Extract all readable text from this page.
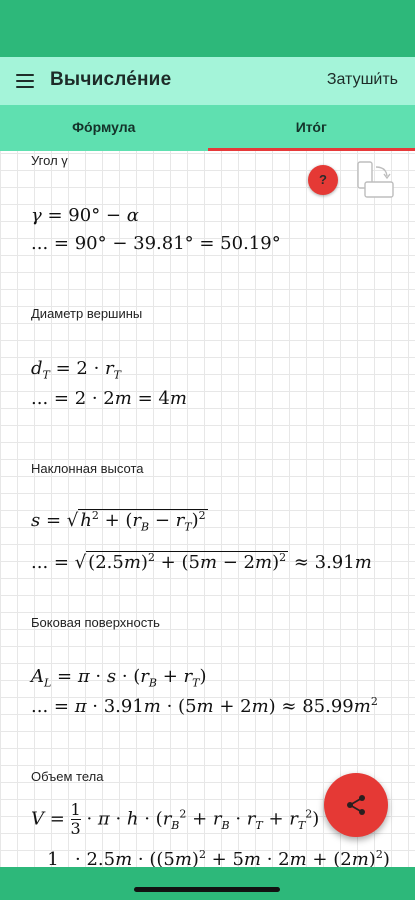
Вычисле́ние	Затуши́ть
Фо́рмула	Ито́г
?
Угол γ
γ = 90° − α
... = 90° − 39.81° = 50.19°
Диаметр вершины
$d_T = 2 \cdot r_T$
... = 2 · 2m = 4m
Наклонная высота
s = √ $h^2 + (r_B - r_T)^2$
... = √ $(2.5m)^2 + (5m - 2m)^2 \approx 3.91m$
Боковая поверхность
$A_L = \pi \cdot s \cdot (r_B + r_T)$
... = $\pi \cdot 3.91m \cdot (5m + 2m) \approx 85.99m^2$
Объем тела
$V = \frac{1}{3} \cdot \pi \cdot h \cdot (r_B^2 + r_B \cdot r_T + r_T^2)$
$1 \cdot 2.5m \cdot ((5m)^2 + 5m \cdot 2m + (2m)^2)$
